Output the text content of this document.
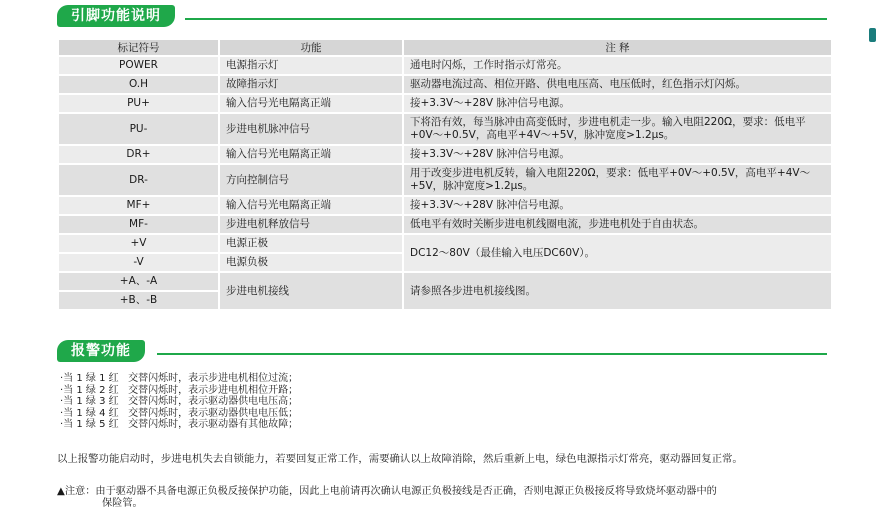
引脚功能说明
标记符号	功能	注 释
POWER	电源指示灯	通电时闪烁，工作时指示灯常亮。
O.H	故障指示灯	驱动器电流过高、相位开路、供电电压高、电压低时，红色指示灯闪烁。
PU+	输入信号光电隔离正端	接+3.3V～+28V 脉冲信号电源。
PU-	步进电机脉冲信号	下将沿有效，每当脉冲由高变低时，步进电机走一步。输入电阻220Ω，要求：低电平+0V～+0.5V，高电平+4V～+5V，脉冲宽度>1.2μs。
DR+	输入信号光电隔离正端	接+3.3V～+28V 脉冲信号电源。
DR-	方向控制信号	用于改变步进电机反转，输入电阻220Ω，要求：低电平+0V～+0.5V，高电平+4V～+5V，脉冲宽度>1.2μs。
MF+	输入信号光电隔离正端	接+3.3V～+28V 脉冲信号电源。
MF-	步进电机释放信号	低电平有效时关断步进电机线圈电流，步进电机处于自由状态。
+V	电源正极	DC12～80V（最佳输入电压DC60V）。
-V	电源负极	
+A、-A	步进电机接线	请参照各步进电机接线图。
+B、-B		
报警功能
·当 1 绿 1 红   交替闪烁时，表示步进电机相位过流；
·当 1 绿 2 红   交替闪烁时，表示步进电机相位开路；
·当 1 绿 3 红   交替闪烁时，表示驱动器供电电压高；
·当 1 绿 4 红   交替闪烁时，表示驱动器供电电压低；
·当 1 绿 5 红   交替闪烁时，表示驱动器有其他故障；
以上报警功能启动时，步进电机失去自锁能力，若要回复正常工作，需要确认以上故障消除，然后重新上电，绿色电源指示灯常亮，驱动器回复正常。
▲注意：由于驱动器不具备电源正负极反接保护功能，因此上电前请再次确认电源正负极接线是否正确，否则电源正负极接反将导致烧坏驱动器中的
保险管。
